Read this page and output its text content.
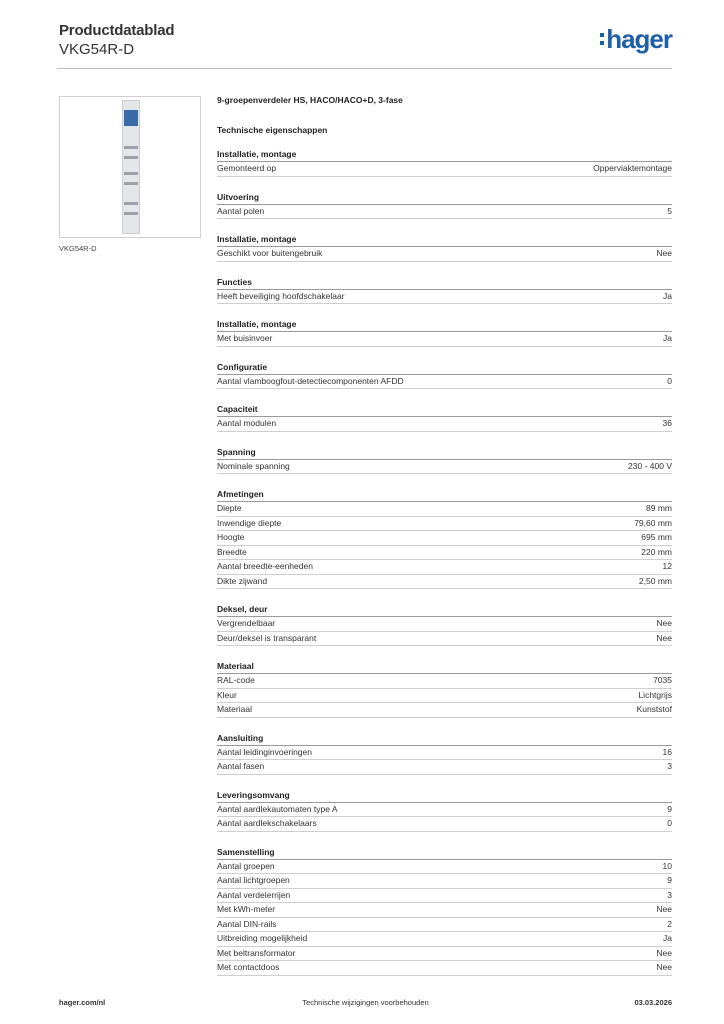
Productdatablad
VKG54R-D	hager
VKG54R-D
9-groepenverdeler HS, HACO/HACO+D, 3-fase
Technische eigenschappen
Installatie, montage
Gemonteerd op	Opperviaktemontage
Uitvoering
Aantal polen	5
Installatie, montage
Geschikt voor buitengebruik	Nee
Functies
Heeft beveiliging hoofdschakelaar	Ja
Installatie, montage
Met buisinvoer	Ja
Configuratie
Aantal vlamboogfout-detectiecomponenten AFDD	0
Capaciteit
Aantal modulen	36
Spanning
Nominale spanning	230 - 400 V
Afmetingen
Diepte	89 mm
Inwendige diepte	79,60 mm
Hoogte	695 mm
Breedte	220 mm
Aantal breedte-eenheden	12
Dikte zijwand	2,50 mm
Deksel, deur
Vergrendelbaar	Nee
Deur/deksel is transparant	Nee
Materiaal
RAL-code	7035
Kleur	Lichtgrijs
Materiaal	Kunststof
Aansluiting
Aantal leidinginvoeringen	16
Aantal fasen	3
Leveringsomvang
Aantal aardlekautomaten type A	9
Aantal aardlekschakelaars	0
Samenstelling
Aantal groepen	10
Aantal lichtgroepen	9
Aantal verdelerrijen	3
Met kWh-meter	Nee
Aantal DIN-rails	2
Uitbreiding mogelijkheid	Ja
Met beltransformator	Nee
Met contactdoos	Nee
hager.com/nl	Technische wijzigingen voorbehouden	03.03.2026
